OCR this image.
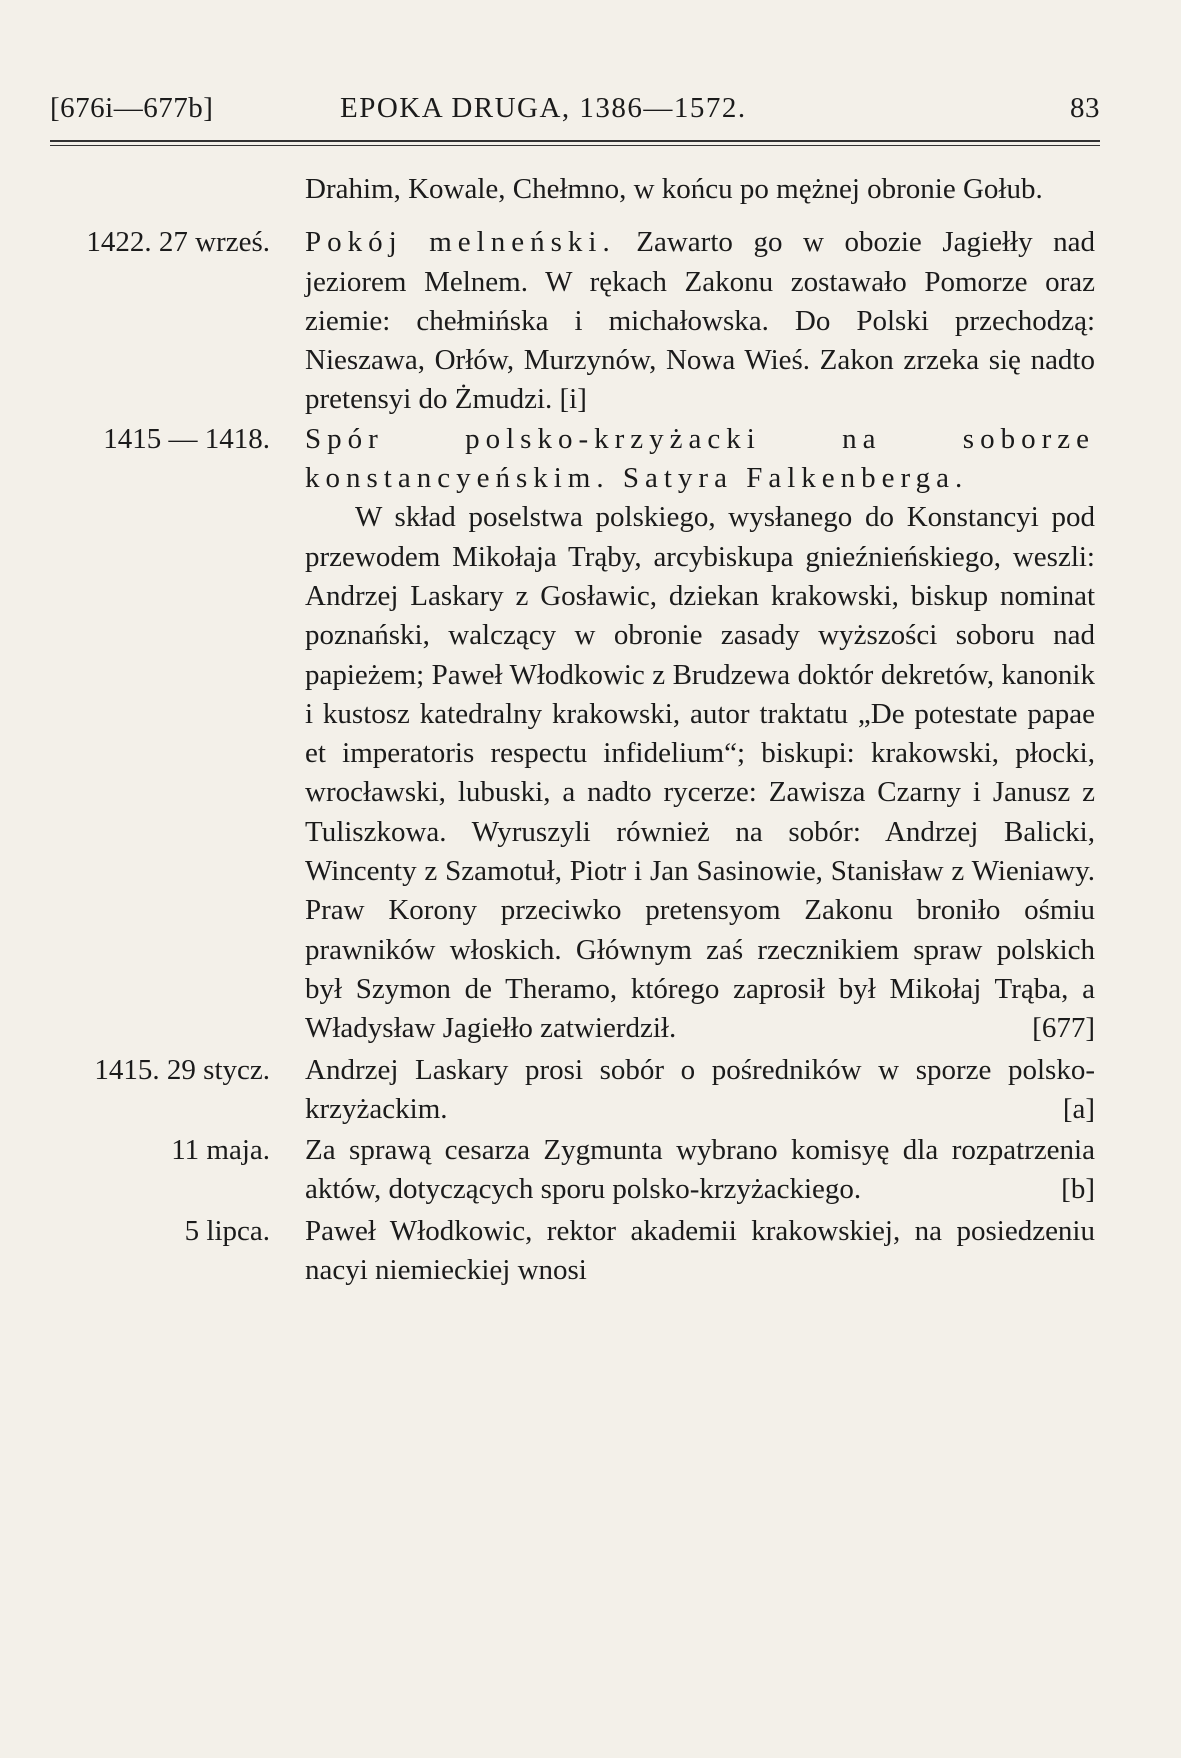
[676i—677b]	EPOKA DRUGA, 1386—1572.	83
Drahim, Kowale, Chełmno, w końcu po mężnej obronie Gołub.
1422. 27 wrześ. Pokój melneński. Zawarto go w obozie Jagiełły nad jeziorem Melnem. W rękach Zakonu zostawało Pomorze oraz ziemie: chełmińska i michałowska. Do Polski przechodzą: Nieszawa, Orłów, Murzynów, Nowa Wieś. Zakon zrzeka się nadto pretensyi do Żmudzi. [i]
1415 — 1418. Spór polsko-krzyżacki na soborze konstancyeńskim. Satyra Falkenberga.
W skład poselstwa polskiego, wysłanego do Konstancyi pod przewodem Mikołaja Trąby, arcybiskupa gnieźnieńskiego, weszli: Andrzej Laskary z Gosławic, dziekan krakowski, biskup nominat poznański, walczący w obronie zasady wyższości soboru nad papieżem; Paweł Włodkowic z Brudzewa doktór dekretów, kanonik i kustosz katedralny krakowski, autor traktatu „De potestate papae et imperatoris respectu infidelium“; biskupi: krakowski, płocki, wrocławski, lubuski, a nadto rycerze: Zawisza Czarny i Janusz z Tuliszkowa. Wyruszyli również na sobór: Andrzej Balicki, Wincenty z Szamotuł, Piotr i Jan Sasinowie, Stanisław z Wieniawy. Praw Korony przeciwko pretensyom Zakonu broniło ośmiu prawników włoskich. Głównym zaś rzecznikiem spraw polskich był Szymon de Theramo, którego zaprosił był Mikołaj Trąba, a Władysław Jagiełło zatwierdził.	[677]
1415. 29 stycz. Andrzej Laskary prosi sobór o pośredników w sporze polsko-krzyżackim.	[a]
11 maja. Za sprawą cesarza Zygmunta wybrano komisyę dla rozpatrzenia aktów, dotyczących sporu polsko-krzyżackiego.	[b]
5 lipca. Paweł Włodkowic, rektor akademii krakowskiej, na posiedzeniu nacyi niemieckiej wnosi
